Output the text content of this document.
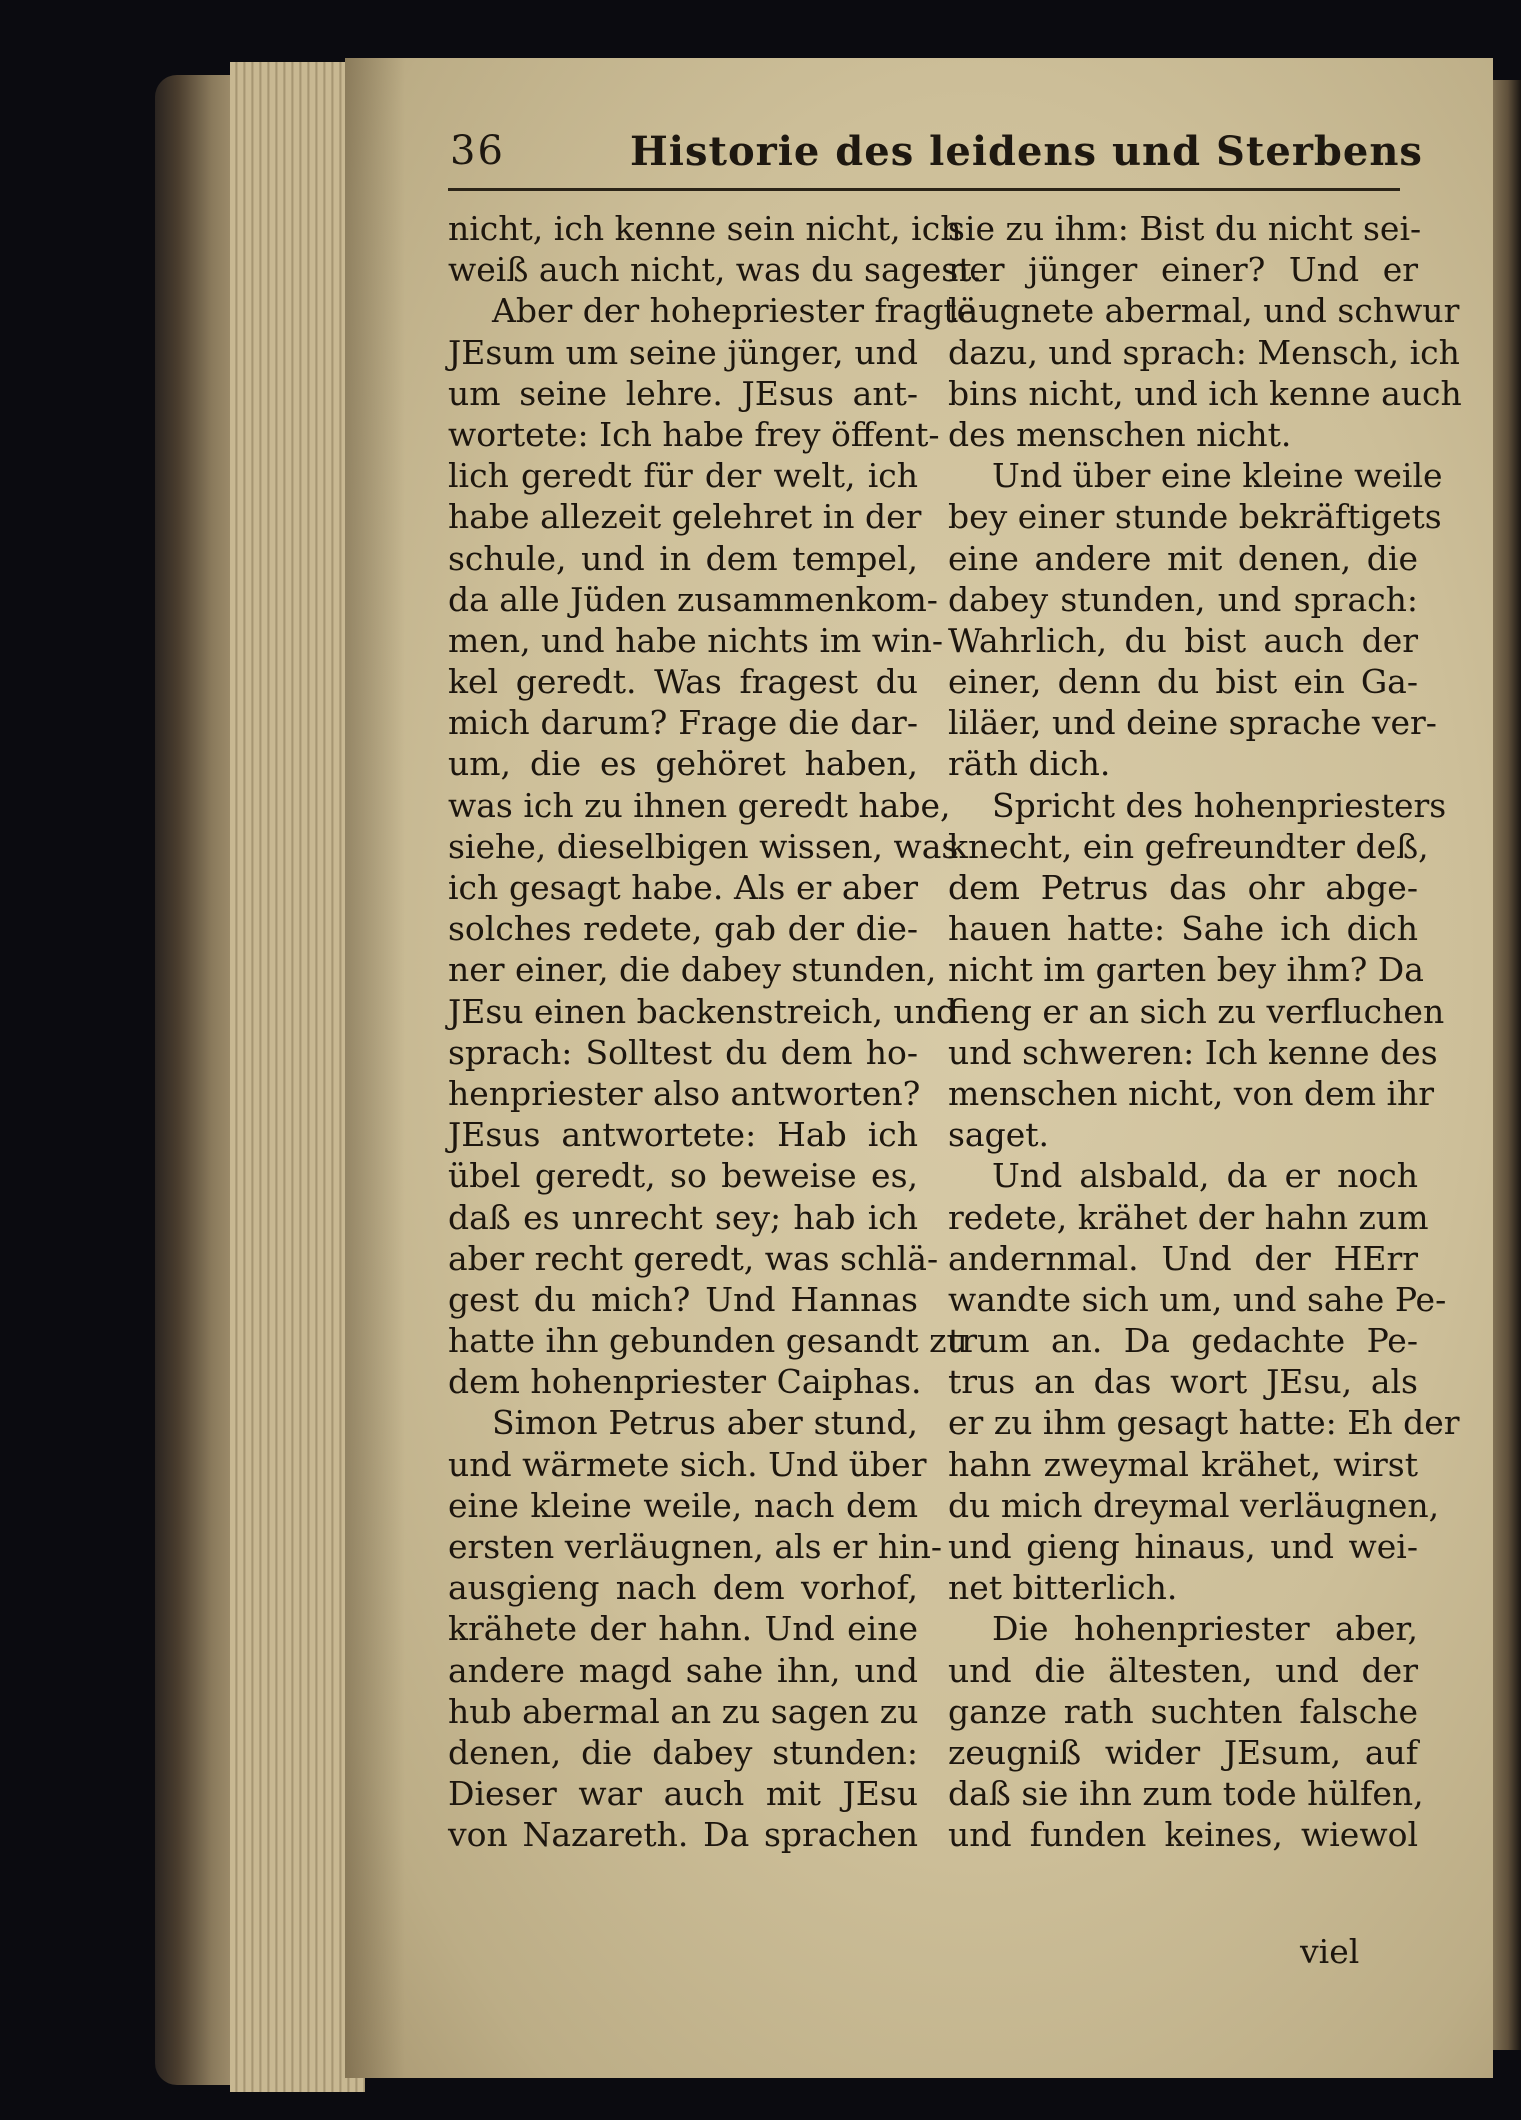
36	Historie des leidens und Sterbens
nicht, ich kenne sein nicht, ich
weiß auch nicht, was du sagest.
Aber der hohepriester fragte
JEsum um seine jünger, und
um seine lehre. JEsus ant-
wortete: Ich habe frey öffent-
lich geredt für der welt, ich
habe allezeit gelehret in der
schule, und in dem tempel,
da alle Jüden zusammenkom-
men, und habe nichts im win-
kel geredt. Was fragest du
mich darum? Frage die dar-
um, die es gehöret haben,
was ich zu ihnen geredt habe,
siehe, dieselbigen wissen, was
ich gesagt habe. Als er aber
solches redete, gab der die-
ner einer, die dabey stunden,
JEsu einen backenstreich, und
sprach: Solltest du dem ho-
henpriester also antworten?
JEsus antwortete: Hab ich
übel geredt, so beweise es,
daß es unrecht sey; hab ich
aber recht geredt, was schlä-
gest du mich? Und Hannas
hatte ihn gebunden gesandt zu
dem hohenpriester Caiphas.
Simon Petrus aber stund,
und wärmete sich. Und über
eine kleine weile, nach dem
ersten verläugnen, als er hin-
ausgieng nach dem vorhof,
krähete der hahn. Und eine
andere magd sahe ihn, und
hub abermal an zu sagen zu
denen, die dabey stunden:
Dieser war auch mit JEsu
von Nazareth. Da sprachen
sie zu ihm: Bist du nicht sei-
ner jünger einer? Und er
läugnete abermal, und schwur
dazu, und sprach: Mensch, ich
bins nicht, und ich kenne auch
des menschen nicht.
Und über eine kleine weile
bey einer stunde bekräftigets
eine andere mit denen, die
dabey stunden, und sprach:
Wahrlich, du bist auch der
einer, denn du bist ein Ga-
liläer, und deine sprache ver-
räth dich.
Spricht des hohenpriesters
knecht, ein gefreundter deß,
dem Petrus das ohr abge-
hauen hatte: Sahe ich dich
nicht im garten bey ihm? Da
fieng er an sich zu verfluchen
und schweren: Ich kenne des
menschen nicht, von dem ihr
saget.
Und alsbald, da er noch
redete, krähet der hahn zum
andernmal. Und der HErr
wandte sich um, und sahe Pe-
trum an. Da gedachte Pe-
trus an das wort JEsu, als
er zu ihm gesagt hatte: Eh der
hahn zweymal krähet, wirst
du mich dreymal verläugnen,
und gieng hinaus, und wei-
net bitterlich.
Die hohenpriester aber,
und die ältesten, und der
ganze rath suchten falsche
zeugniß wider JEsum, auf
daß sie ihn zum tode hülfen,
und funden keines, wiewol
viel
